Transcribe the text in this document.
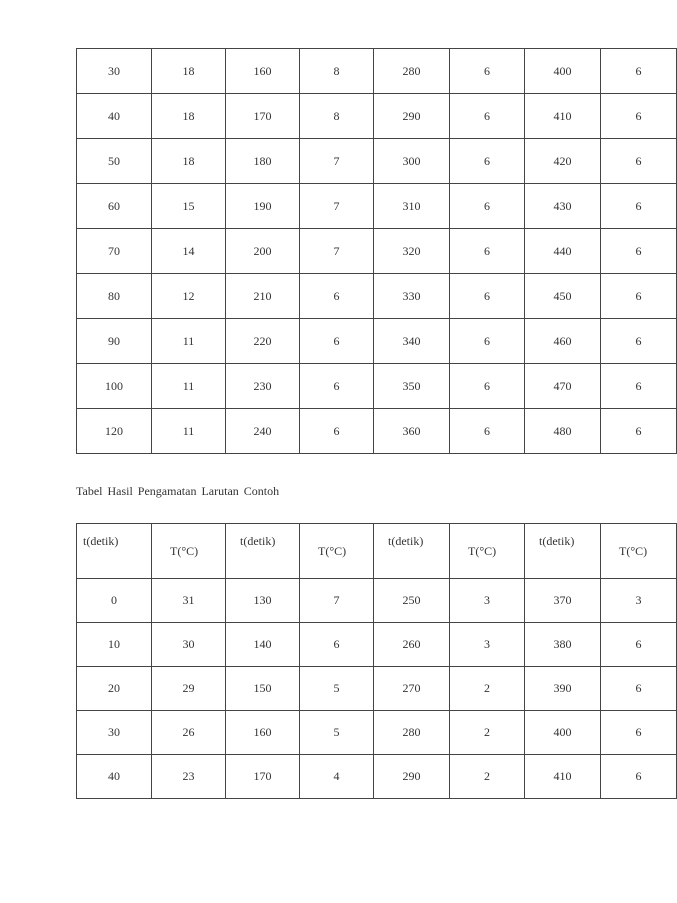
30	18	160	8	280	6	400	6
40	18	170	8	290	6	410	6
50	18	180	7	300	6	420	6
60	15	190	7	310	6	430	6
70	14	200	7	320	6	440	6
80	12	210	6	330	6	450	6
90	11	220	6	340	6	460	6
100	11	230	6	350	6	470	6
120	11	240	6	360	6	480	6
Tabel Hasil Pengamatan Larutan Contoh
t(detik)	T(°C)	t(detik)	T(°C)	t(detik)	T(°C)	t(detik)	T(°C)

0	31	130	7	250	3	370	3
10	30	140	6	260	3	380	6
20	29	150	5	270	2	390	6
30	26	160	5	280	2	400	6
40	23	170	4	290	2	410	6
